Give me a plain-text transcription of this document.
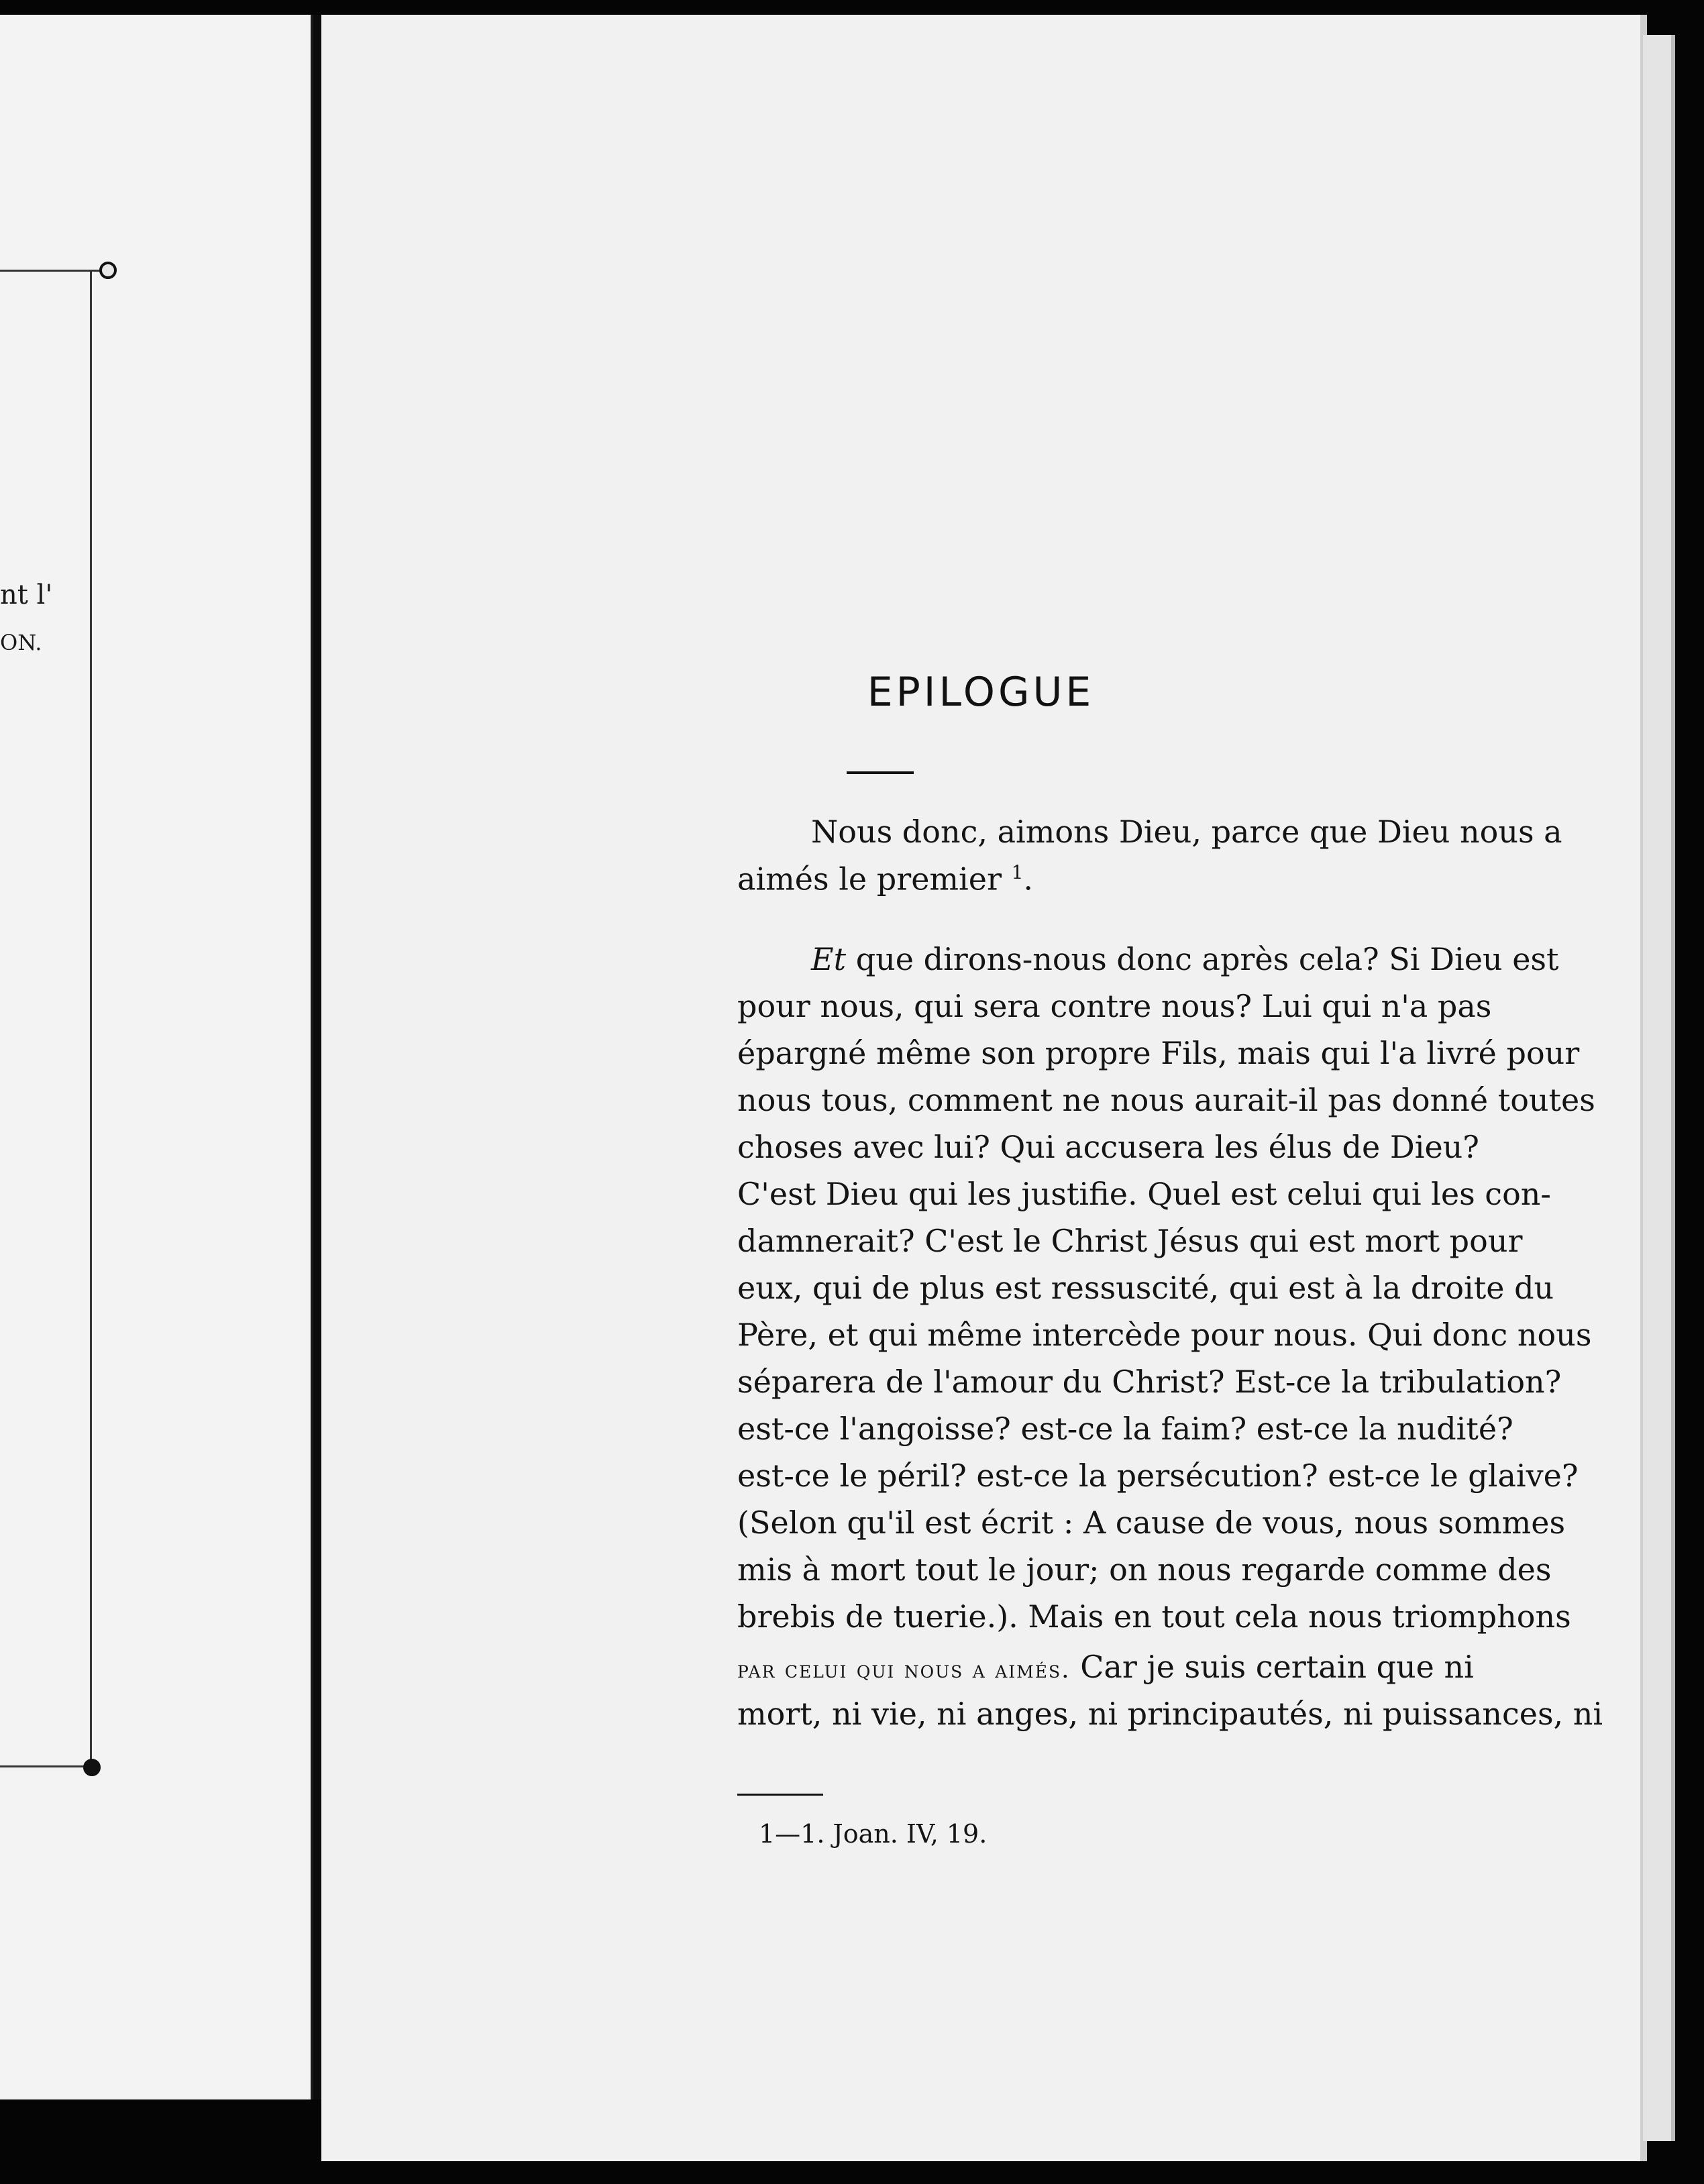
nt l'
ON.
EPILOGUE
Nous donc, aimons Dieu, parce que Dieu nous a
aimés le premier $^1$.
Et que dirons-nous donc après cela? Si Dieu est
pour nous, qui sera contre nous? Lui qui n'a pas
épargné même son propre Fils, mais qui l'a livré pour
nous tous, comment ne nous aurait-il pas donné toutes
choses avec lui? Qui accusera les élus de Dieu?
C'est Dieu qui les justifie. Quel est celui qui les con-
damnerait? C'est le Christ Jésus qui est mort pour
eux, qui de plus est ressuscité, qui est à la droite du
Père, et qui même intercède pour nous. Qui donc nous
séparera de l'amour du Christ? Est-ce la tribulation?
est-ce l'angoisse? est-ce la faim? est-ce la nudité?
est-ce le péril? est-ce la persécution? est-ce le glaive?
(Selon qu'il est écrit : A cause de vous, nous sommes
mis à mort tout le jour; on nous regarde comme des
brebis de tuerie.). Mais en tout cela nous triomphons
par celui qui nous a aimés. Car je suis certain que ni
mort, ni vie, ni anges, ni principautés, ni puissances, ni
1—1. Joan. IV, 19.
